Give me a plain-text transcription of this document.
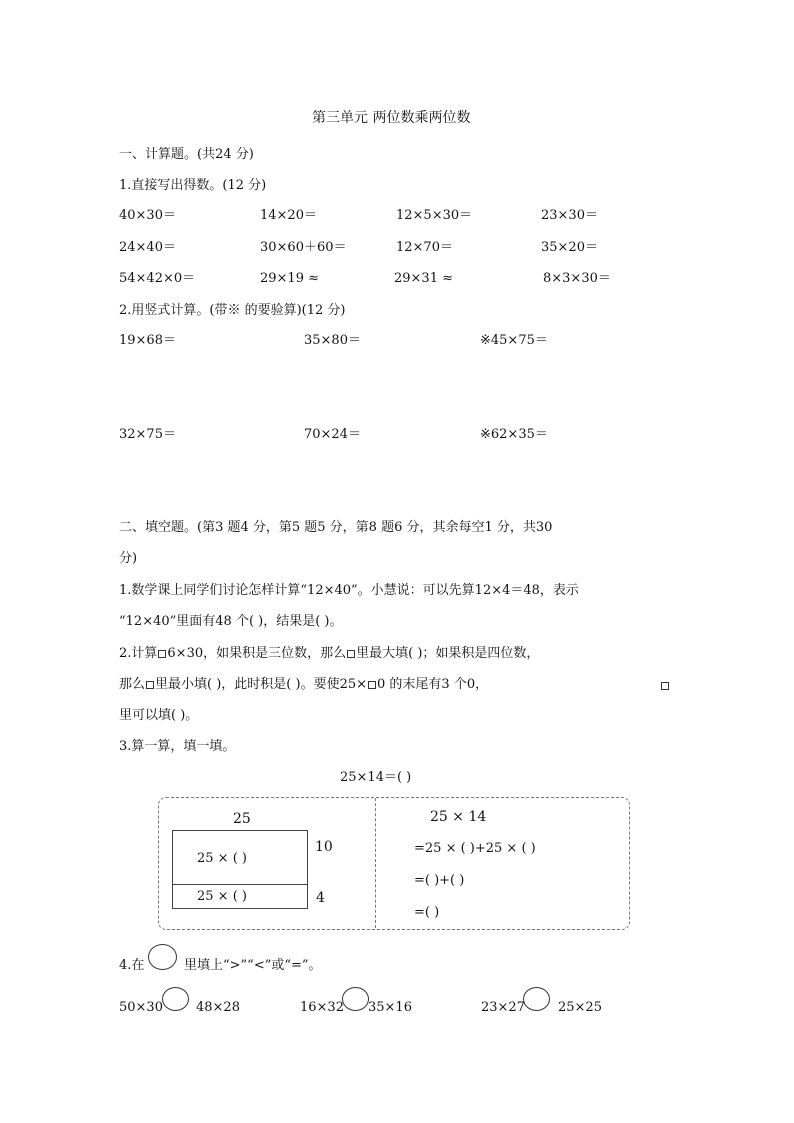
第三单元 两位数乘两位数
一、计算题。(共24 分)
1.直接写出得数。(12 分)
40×30＝	14×20＝	12×5×30＝	23×30＝
24×40＝	30×60＋60＝	12×70＝	35×20＝
54×42×0＝	29×19 ≈	29×31 ≈	8×3×30＝
2.用竖式计算。(带※ 的要验算)(12 分)
19×68＝	35×80＝	※45×75＝
32×75＝	70×24＝	※62×35＝
二、填空题。(第3 题4 分，第5 题5 分，第8 题6 分，其余每空1 分，共30
分)
1.数学课上同学们讨论怎样计算“12×40”。小慧说：可以先算12×4＝48，表示
“12×40”里面有48 个( )，结果是( )。
2.计算 6×30，如果积是三位数，那么 里最大填( )；如果积是四位数，
那么 里最小填( )，此时积是( )。要使25× 0 的末尾有3 个0，
里可以填( )。
3.算一算，填一填。
25×14＝( )
25
25 × ( )
25 × ( )
10
4
25 × 14
=25 × ( )+25 × ( )
=( )+( )
=( )
4.在	里填上“>”“<”或“=”。
50×30	48×28	16×32 35×16	23×27	25×25
